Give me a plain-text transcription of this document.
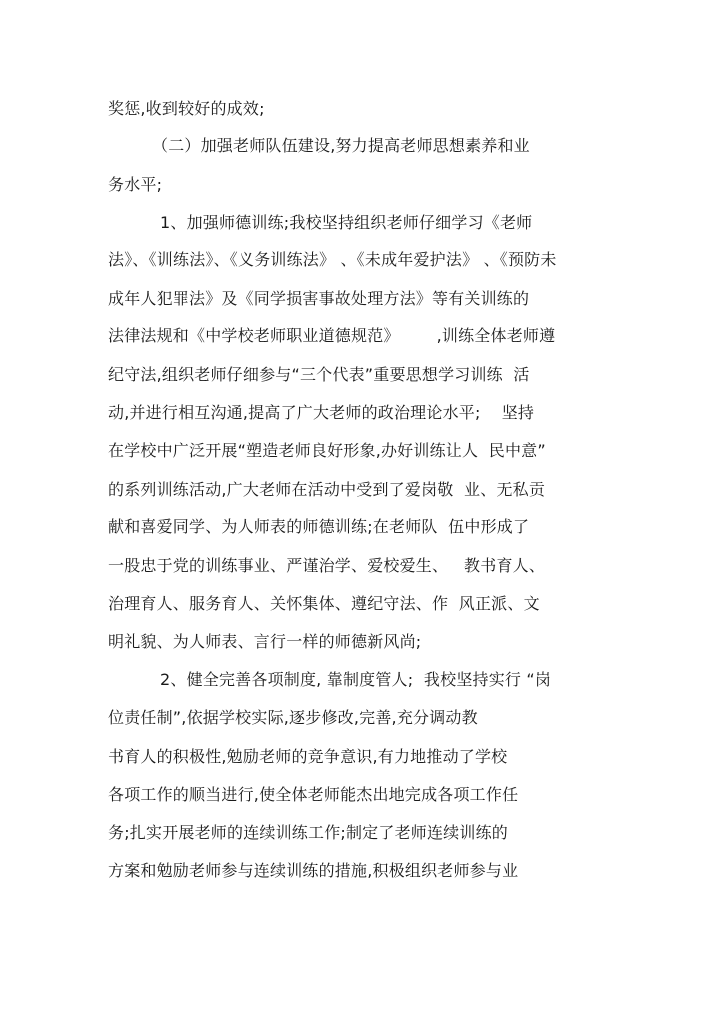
奖惩,收到较好的成效;
（二）加强老师队伍建设,努力提高老师思想素养和业
务水平;
1、加强师德训练;我校坚持组织老师仔细学习《老师
法》、《训练法》、《义务训练法》 、《未成年爱护法》 、《预防未
成年人犯罪法》及《同学损害事故处理方法》等有关训练的
法律法规和《中学校老师职业道德规范》       ,训练全体老师遵
纪守法,组织老师仔细参与“三个代表”重要思想学习训练  活
动,并进行相互沟通,提高了广大老师的政治理论水平;    坚持
在学校中广泛开展“塑造老师良好形象,办好训练让人  民中意”
的系列训练活动,广大老师在活动中受到了爱岗敬  业、无私贡
献和喜爱同学、为人师表的师德训练;在老师队  伍中形成了
一股忠于党的训练事业、严谨治学、爱校爱生、   教书育人、
治理育人、服务育人、关怀集体、遵纪守法、作  风正派、文
明礼貌、为人师表、言行一样的师德新风尚;
2、健全完善各项制度, 靠制度管人;  我校坚持实行 “岗
位责任制”,依据学校实际,逐步修改,完善,充分调动教
书育人的积极性,勉励老师的竞争意识,有力地推动了学校
各项工作的顺当进行,使全体老师能杰出地完成各项工作任
务;扎实开展老师的连续训练工作;制定了老师连续训练的
方案和勉励老师参与连续训练的措施,积极组织老师参与业
